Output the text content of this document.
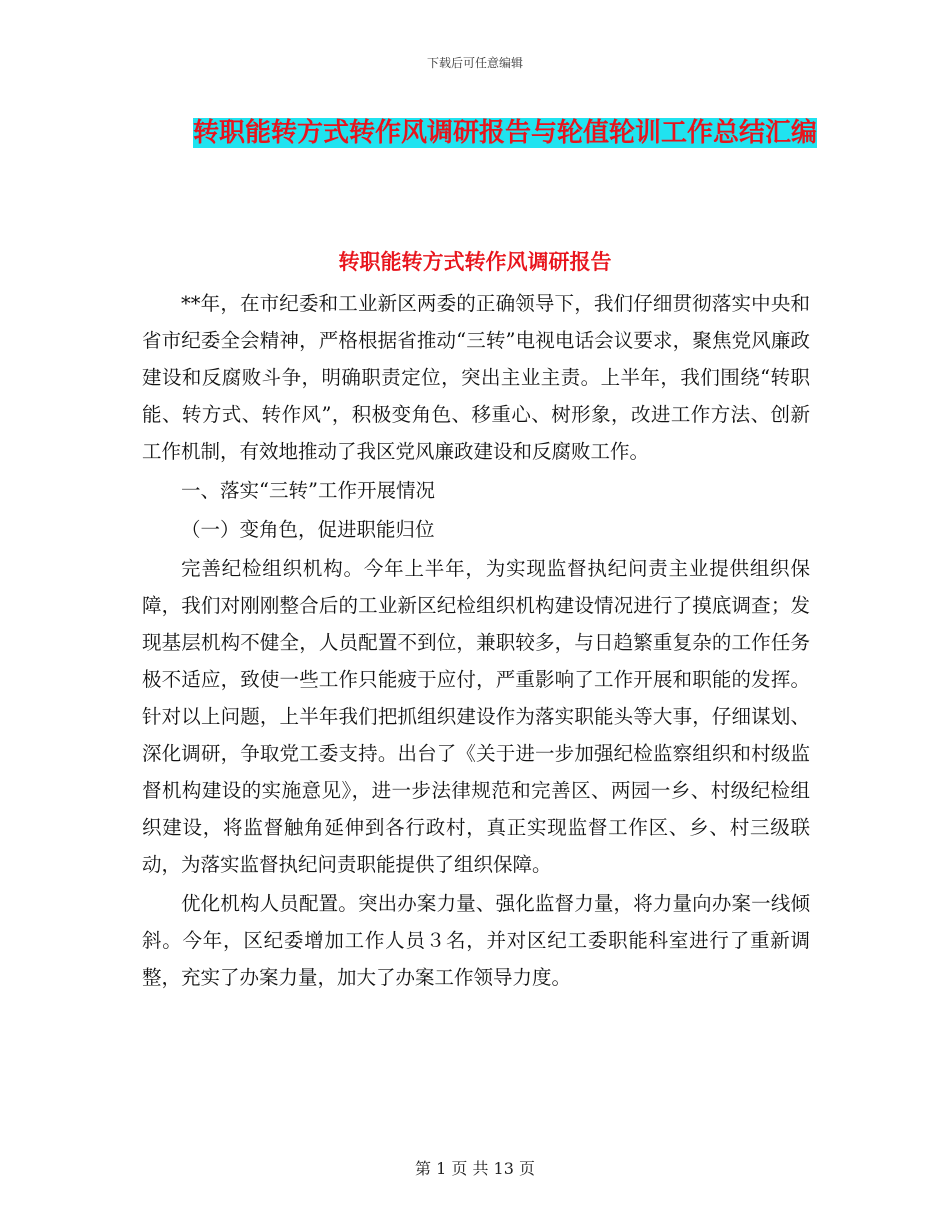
下载后可任意编辑
转职能转方式转作风调研报告与轮值轮训工作总结汇编
转职能转方式转作风调研报告

**年，在市纪委和工业新区两委的正确领导下，我们仔细贯彻落实中央和省市纪委全会精神，严格根据省推动“三转”电视电话会议要求，聚焦党风廉政建设和反腐败斗争，明确职责定位，突出主业主责。上半年，我们围绕“转职能、转方式、转作风”，积极变角色、移重心、树形象，改进工作方法、创新工作机制，有效地推动了我区党风廉政建设和反腐败工作。

一、落实“三转”工作开展情况

（一）变角色，促进职能归位

完善纪检组织机构。今年上半年，为实现监督执纪问责主业提供组织保障，我们对刚刚整合后的工业新区纪检组织机构建设情况进行了摸底调查；发现基层机构不健全，人员配置不到位，兼职较多，与日趋繁重复杂的工作任务极不适应，致使一些工作只能疲于应付，严重影响了工作开展和职能的发挥。针对以上问题，上半年我们把抓组织建设作为落实职能头等大事，仔细谋划、深化调研，争取党工委支持。出台了《关于进一步加强纪检监察组织和村级监督机构建设的实施意见》，进一步法律规范和完善区、两园一乡、村级纪检组织建设，将监督触角延伸到各行政村，真正实现监督工作区、乡、村三级联动，为落实监督执纪问责职能提供了组织保障。

优化机构人员配置。突出办案力量、强化监督力量，将力量向办案一线倾斜。今年，区纪委增加工作人员３名，并对区纪工委职能科室进行了重新调整，充实了办案力量，加大了办案工作领导力度。

第 1 页 共 13 页
